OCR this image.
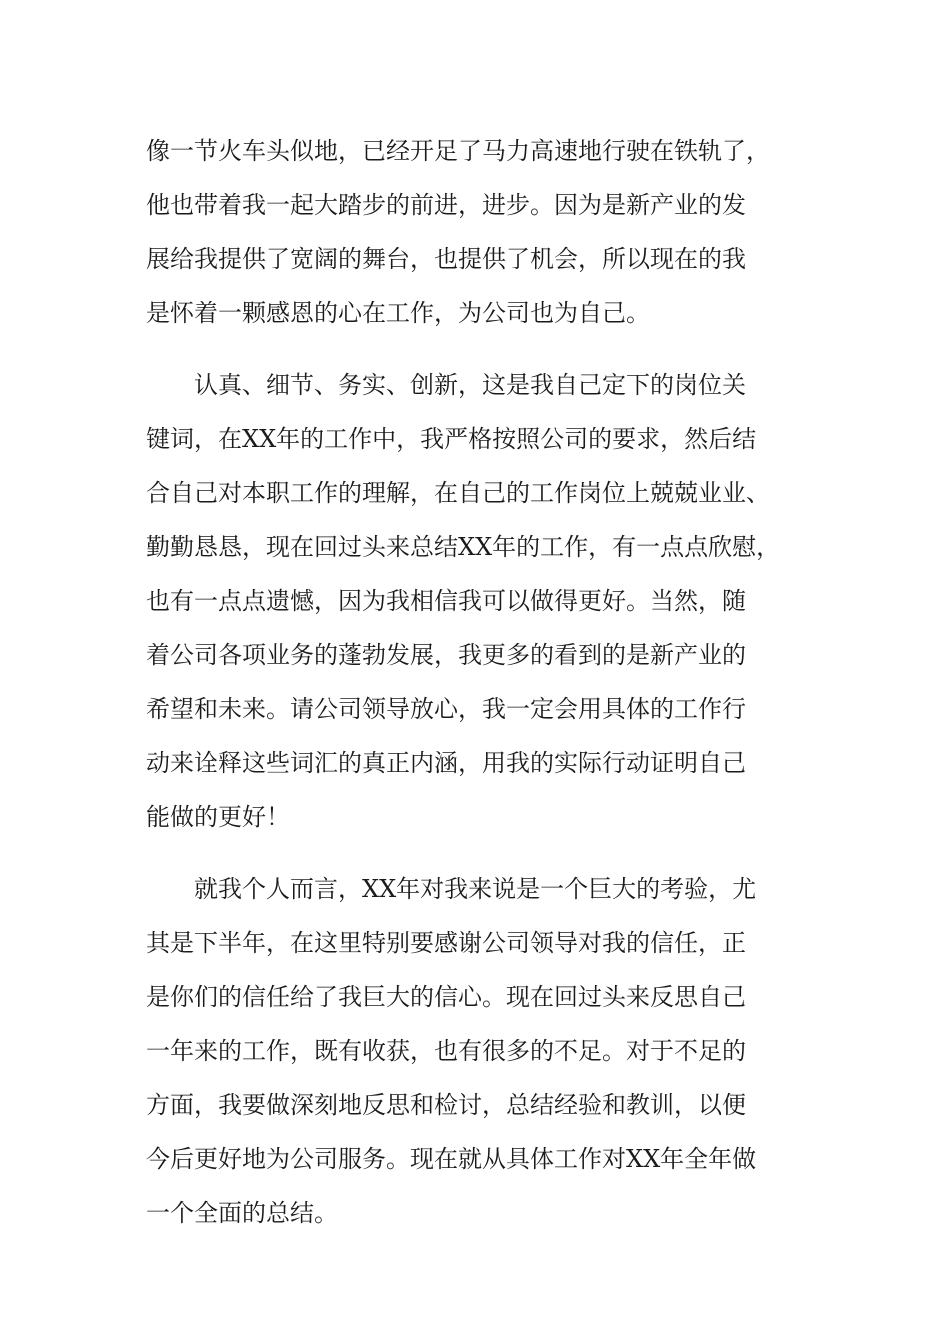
像一节火车头似地，已经开足了马力高速地行驶在铁轨了，
他也带着我一起大踏步的前进，进步。因为是新产业的发
展给我提供了宽阔的舞台，也提供了机会，所以现在的我
是怀着一颗感恩的心在工作，为公司也为自己。
　　认真、细节、务实、创新，这是我自己定下的岗位关
键词，在XX年的工作中，我严格按照公司的要求，然后结
合自己对本职工作的理解，在自己的工作岗位上兢兢业业、
勤勤恳恳，现在回过头来总结XX年的工作，有一点点欣慰，
也有一点点遗憾，因为我相信我可以做得更好。当然，随
着公司各项业务的蓬勃发展，我更多的看到的是新产业的
希望和未来。请公司领导放心，我一定会用具体的工作行
动来诠释这些词汇的真正内涵，用我的实际行动证明自己
能做的更好！
　　就我个人而言，XX年对我来说是一个巨大的考验，尤
其是下半年，在这里特别要感谢公司领导对我的信任，正
是你们的信任给了我巨大的信心。现在回过头来反思自己
一年来的工作，既有收获，也有很多的不足。对于不足的
方面，我要做深刻地反思和检讨，总结经验和教训，以便
今后更好地为公司服务。现在就从具体工作对XX年全年做
一个全面的总结。
